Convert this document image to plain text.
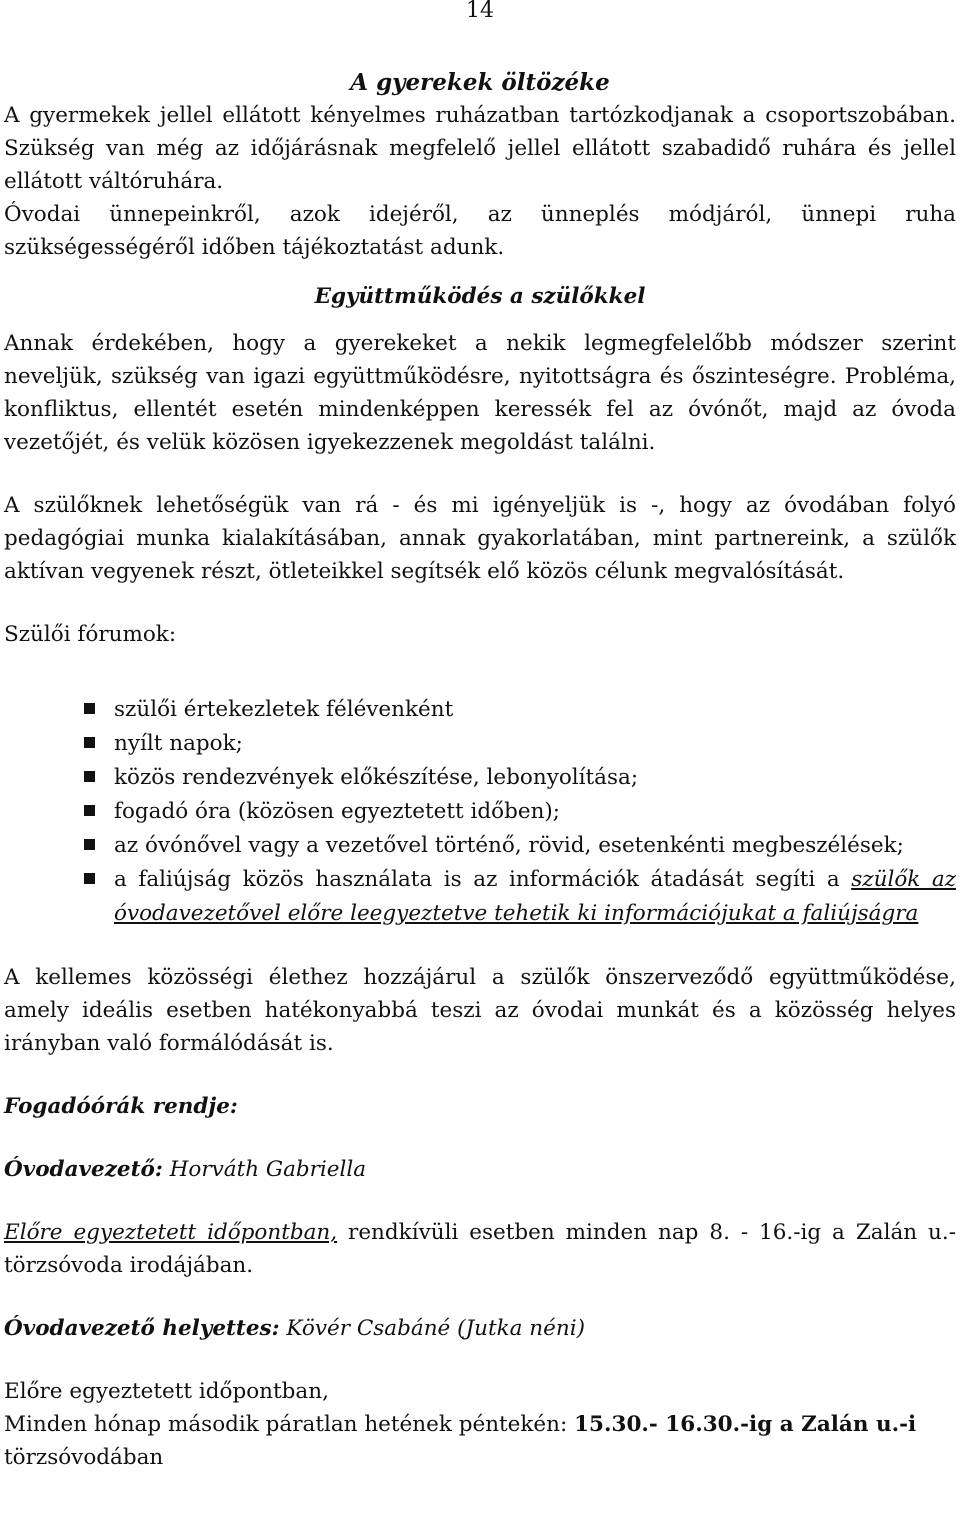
14

A gyerekek öltözéke

A gyermekek jellel ellátott kényelmes ruházatban tartózkodjanak a csoportszobában. Szükség van még az időjárásnak megfelelő jellel ellátott szabadidő ruhára és jellel ellátott váltóruhára.

Óvodai ünnepeinkről, azok idejéről, az ünneplés módjáról, ünnepi ruha szükségességéről időben tájékoztatást adunk.

Együttműködés a szülőkkel

Annak érdekében, hogy a gyerekeket a nekik legmegfelelőbb módszer szerint neveljük, szükség van igazi együttműködésre, nyitottságra és őszinteségre. Probléma, konfliktus, ellentét esetén mindenképpen keressék fel az óvónőt, majd az óvoda vezetőjét, és velük közösen igyekezzenek megoldást találni.

A szülőknek lehetőségük van rá - és mi igényeljük is -, hogy az óvodában folyó pedagógiai munka kialakításában, annak gyakorlatában, mint partnereink, a szülők aktívan vegyenek részt, ötleteikkel segítsék elő közös célunk megvalósítását.

Szülői fórumok:

szülői értekezletek félévenként
nyílt napok;
közös rendezvények előkészítése, lebonyolítása;
fogadó óra (közösen egyeztetett időben);
az óvónővel vagy a vezetővel történő, rövid, esetenkénti megbeszélések;
a faliújság közös használata is az információk átadását segíti a szülők az óvodavezetővel előre leegyeztetve tehetik ki információjukat a faliújságra

A kellemes közösségi élethez hozzájárul a szülők önszerveződő együttműködése, amely ideális esetben hatékonyabbá teszi az óvodai munkát és a közösség helyes irányban való formálódását is.

Fogadóórák rendje:

Óvodavezető: Horváth Gabriella

Előre egyeztetett időpontban, rendkívüli esetben minden nap 8. - 16.-ig a Zalán u.-törzsóvoda irodájában.

Óvodavezető helyettes: Kövér Csabáné (Jutka néni)

Előre egyeztetett időpontban,

Minden hónap második páratlan hetének péntekén: 15.30.- 16.30.-ig a Zalán u.-i

törzsóvodában
